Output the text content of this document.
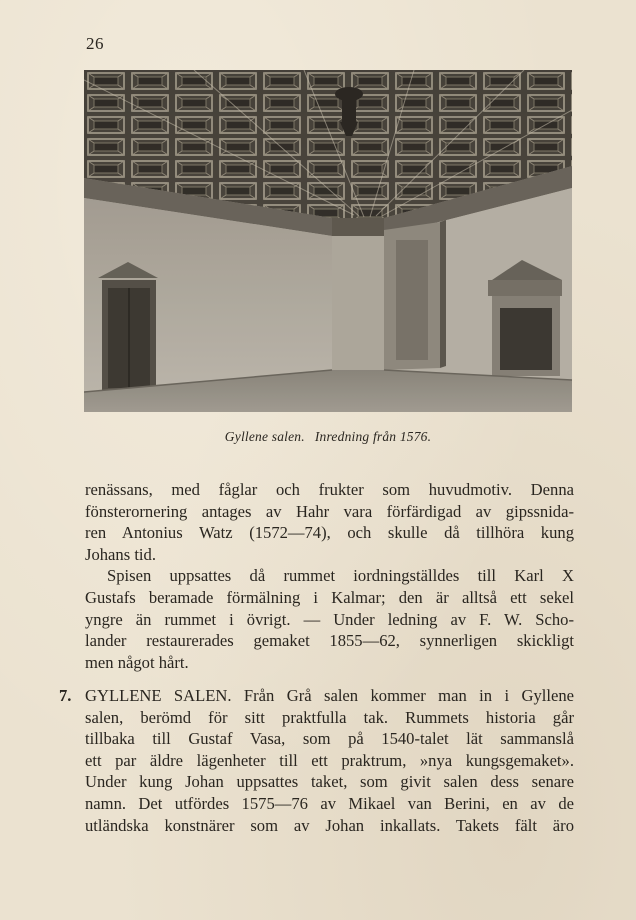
26
Gyllene salen. Inredning från 1576.
renässans, med fåglar och frukter som huvudmotiv. Denna
fönsterornering antages av Hahr vara förfärdigad av gipssnida-
ren Antonius Watz (1572—74), och skulle då tillhöra kung
Johans tid.
Spisen uppsattes då rummet iordningställdes till Karl X
Gustafs beramade förmälning i Kalmar; den är alltså ett sekel
yngre än rummet i övrigt. — Under ledning av F. W. Scho-
lander restaurerades gemaket 1855—62, synnerligen skickligt
men något hårt.
7. GYLLENE SALEN. Från Grå salen kommer man in i Gyllene
salen, berömd för sitt praktfulla tak. Rummets historia går
tillbaka till Gustaf Vasa, som på 1540-talet lät sammanslå
ett par äldre lägenheter till ett praktrum, »nya kungsgemaket».
Under kung Johan uppsattes taket, som givit salen dess senare
namn. Det utfördes 1575—76 av Mikael van Berini, en av de
utländska konstnärer som av Johan inkallats. Takets fält äro
